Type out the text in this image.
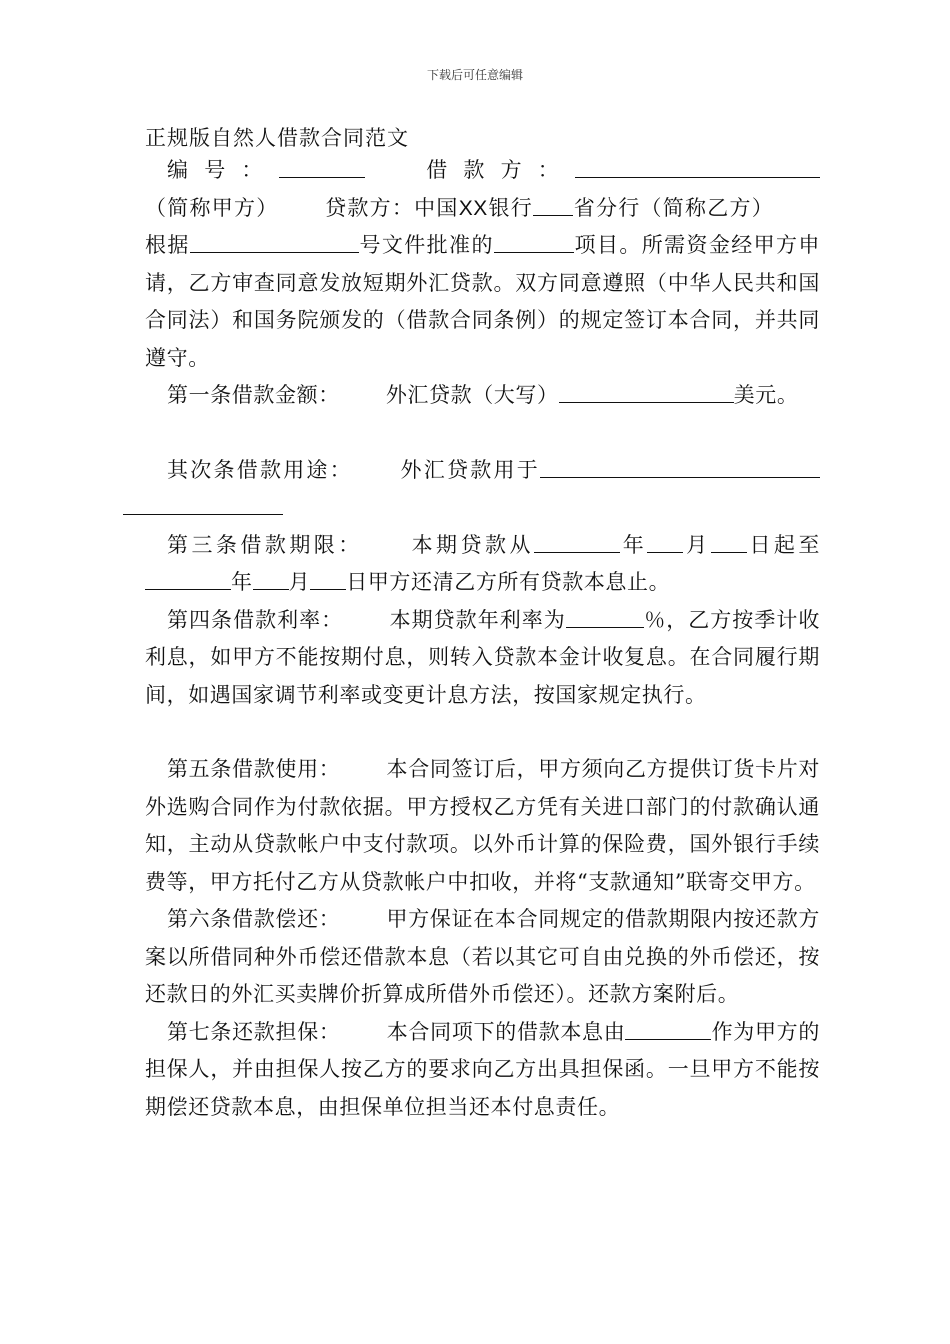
下载后可任意编辑
正规版自然人借款合同范文

编号：	借款方：（简称甲方） 贷款方：中国XX银行 省分行（简称乙方）根据	号文件批准的	项目。所需资金经甲方申请，乙方审查同意发放短期外汇贷款。双方同意遵照（中华人民共和国合同法）和国务院颁发的（借款合同条例）的规定签订本合同，并共同遵守。

第一条借款金额： 外汇贷款（大写）	美元。

其次条借款用途： 外汇贷款用于

第三条借款期限： 本期贷款从	年 月 日起至年 月 日甲方还清乙方所有贷款本息止。

第四条借款利率： 本期贷款年利率为	％，乙方按季计收利息，如甲方不能按期付息，则转入贷款本金计收复息。在合同履行期间，如遇国家调节利率或变更计息方法，按国家规定执行。

第五条借款使用： 本合同签订后，甲方须向乙方提供订货卡片对外选购合同作为付款依据。甲方授权乙方凭有关进口部门的付款确认通知，主动从贷款帐户中支付款项。以外币计算的保险费，国外银行手续费等，甲方托付乙方从贷款帐户中扣收，并将“支款通知”联寄交甲方。

第六条借款偿还： 甲方保证在本合同规定的借款期限内按还款方案以所借同种外币偿还借款本息（若以其它可自由兑换的外币偿还，按还款日的外汇买卖牌价折算成所借外币偿还）。还款方案附后。

第七条还款担保： 本合同项下的借款本息由	作为甲方的担保人，并由担保人按乙方的要求向乙方出具担保函。一旦甲方不能按期偿还贷款本息，由担保单位担当还本付息责任。
